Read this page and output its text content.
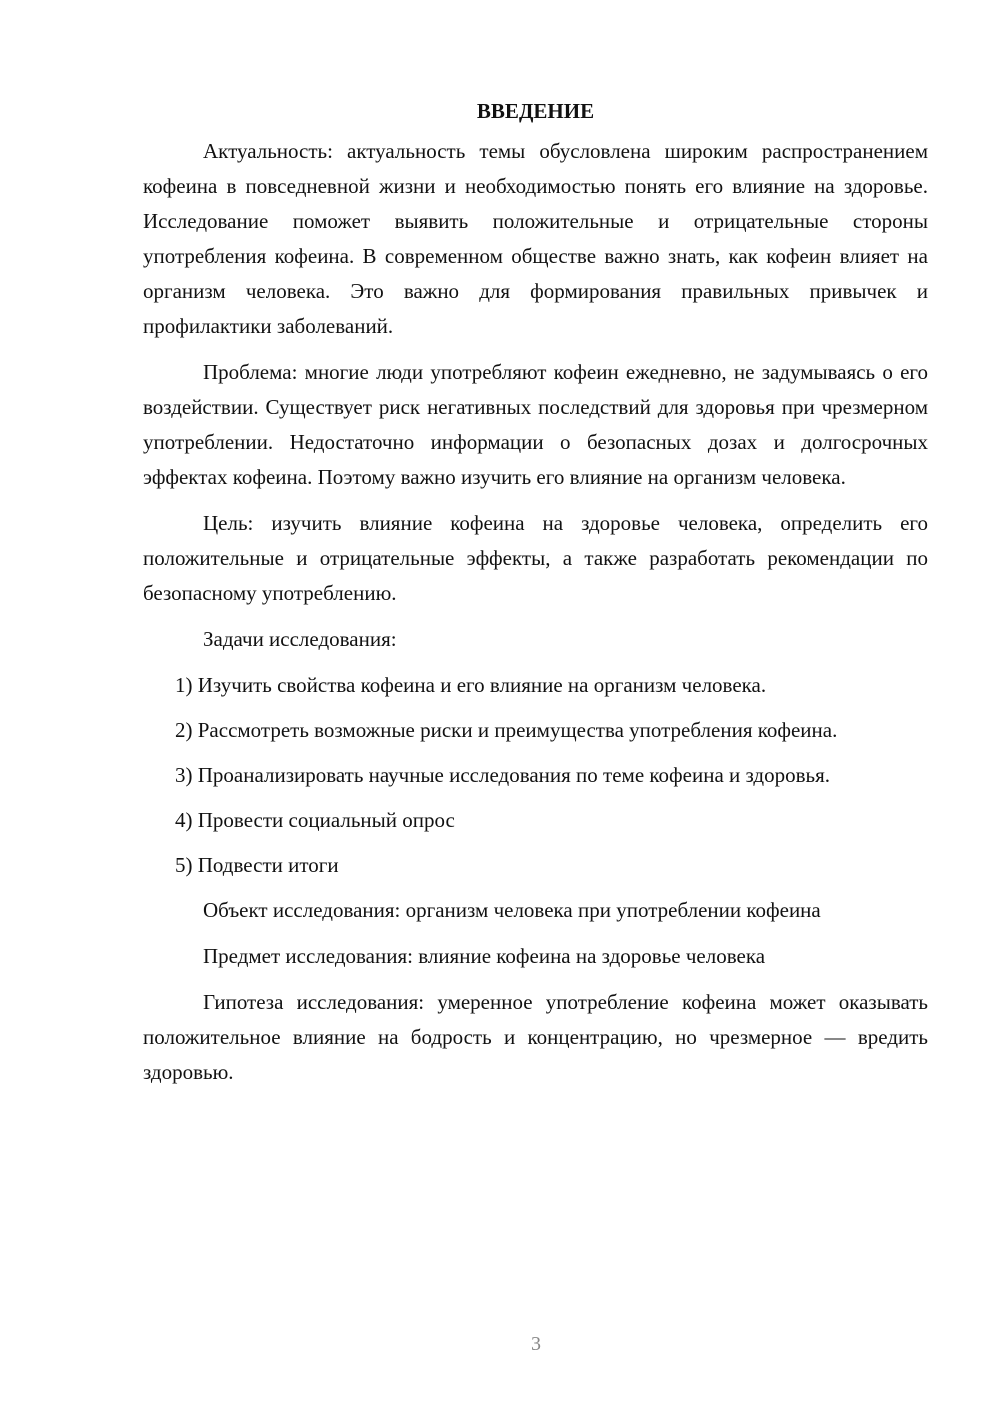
ВВЕДЕНИЕ

Актуальность: актуальность темы обусловлена широким распространением кофеина в повседневной жизни и необходимостью понять его влияние на здоровье. Исследование поможет выявить положительные и отрицательные стороны употребления кофеина. В современном обществе важно знать, как кофеин влияет на организм человека. Это важно для формирования правильных привычек и профилактики заболеваний.

Проблема: многие люди употребляют кофеин ежедневно, не задумываясь о его воздействии. Существует риск негативных последствий для здоровья при чрезмерном употреблении. Недостаточно информации о безопасных дозах и долгосрочных эффектах кофеина. Поэтому важно изучить его влияние на организм человека.

Цель: изучить влияние кофеина на здоровье человека, определить его положительные и отрицательные эффекты, а также разработать рекомендации по безопасному употреблению.

Задачи исследования:

1) Изучить свойства кофеина и его влияние на организм человека.

2) Рассмотреть возможные риски и преимущества употребления кофеина.

3) Проанализировать научные исследования по теме кофеина и здоровья.

4) Провести социальный опрос

5) Подвести итоги

Объект исследования: организм человека при употреблении кофеина

Предмет исследования: влияние кофеина на здоровье человека

Гипотеза исследования: умеренное употребление кофеина может оказывать положительное влияние на бодрость и концентрацию, но чрезмерное — вредить здоровью.

3
